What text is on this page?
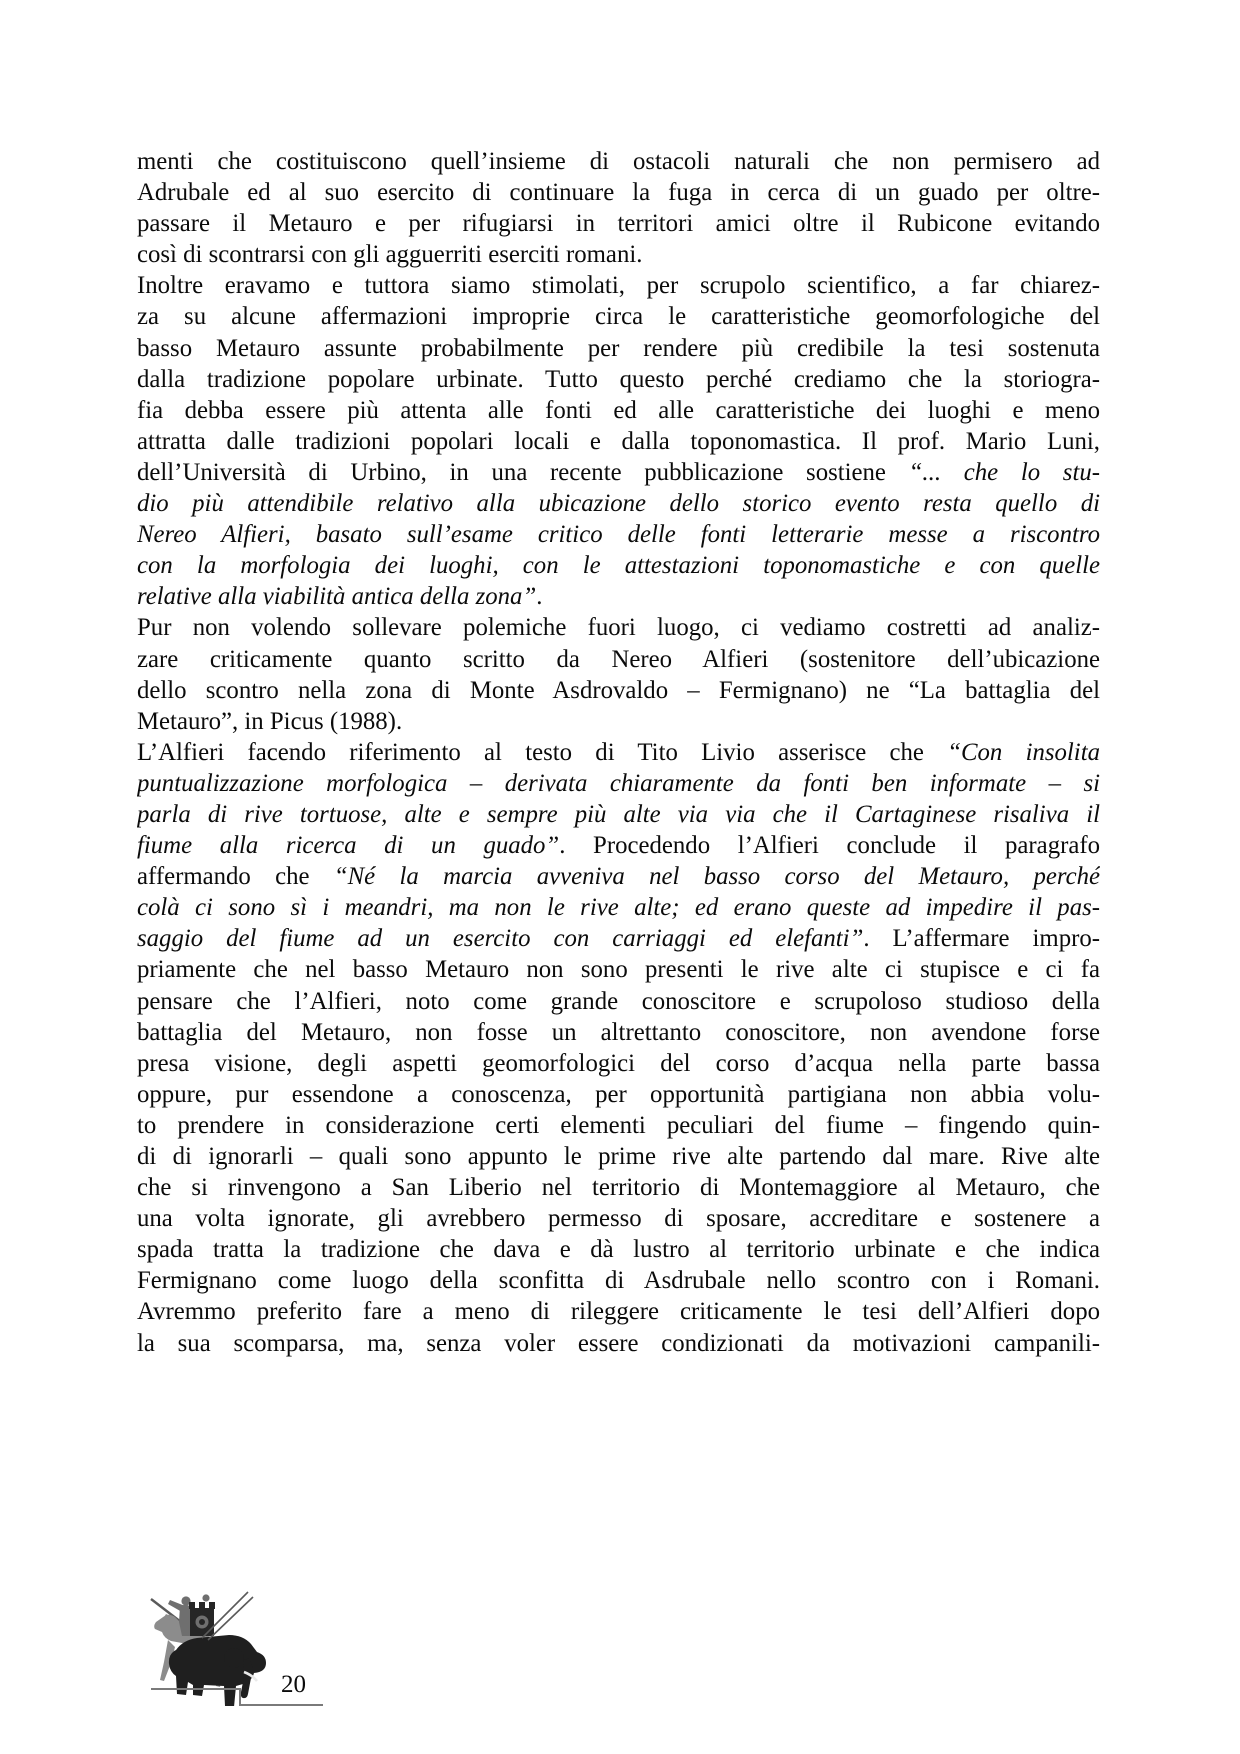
menti che costituiscono quell’insieme di ostacoli naturali che non permisero ad
Adrubale ed al suo esercito di continuare la fuga in cerca di un guado per oltre-
passare il Metauro e per rifugiarsi in territori amici oltre il Rubicone evitando
così di scontrarsi con gli agguerriti eserciti romani.
Inoltre eravamo e tuttora siamo stimolati, per scrupolo scientifico, a far chiarez-
za su alcune affermazioni improprie circa le caratteristiche geomorfologiche del
basso Metauro assunte probabilmente per rendere più credibile la tesi sostenuta
dalla tradizione popolare urbinate. Tutto questo perché crediamo che la storiogra-
fia debba essere più attenta alle fonti ed alle caratteristiche dei luoghi e meno
attratta dalle tradizioni popolari locali e dalla toponomastica. Il prof. Mario Luni,
dell’Università di Urbino, in una recente pubblicazione sostiene “... che lo stu-
dio più attendibile relativo alla ubicazione dello storico evento resta quello di
Nereo Alfieri, basato sull’esame critico delle fonti letterarie messe a riscontro
con la morfologia dei luoghi, con le attestazioni toponomastiche e con quelle
relative alla viabilità antica della zona”.
Pur non volendo sollevare polemiche fuori luogo, ci vediamo costretti ad analiz-
zare criticamente quanto scritto da Nereo Alfieri (sostenitore dell’ubicazione
dello scontro nella zona di Monte Asdrovaldo – Fermignano) ne “La battaglia del
Metauro”, in Picus (1988).
L’Alfieri facendo riferimento al testo di Tito Livio asserisce che “Con insolita
puntualizzazione morfologica – derivata chiaramente da fonti ben informate – si
parla di rive tortuose, alte e sempre più alte via via che il Cartaginese risaliva il
fiume alla ricerca di un guado”. Procedendo l’Alfieri conclude il paragrafo
affermando che “Né la marcia avveniva nel basso corso del Metauro, perché
colà ci sono sì i meandri, ma non le rive alte; ed erano queste ad impedire il pas-
saggio del fiume ad un esercito con carriaggi ed elefanti”. L’affermare impro-
priamente che nel basso Metauro non sono presenti le rive alte ci stupisce e ci fa
pensare che l’Alfieri, noto come grande conoscitore e scrupoloso studioso della
battaglia del Metauro, non fosse un altrettanto conoscitore, non avendone forse
presa visione, degli aspetti geomorfologici del corso d’acqua nella parte bassa
oppure, pur essendone a conoscenza, per opportunità partigiana non abbia volu-
to prendere in considerazione certi elementi peculiari del fiume – fingendo quin-
di di ignorarli – quali sono appunto le prime rive alte partendo dal mare. Rive alte
che si rinvengono a San Liberio nel territorio di Montemaggiore al Metauro, che
una volta ignorate, gli avrebbero permesso di sposare, accreditare e sostenere a
spada tratta la tradizione che dava e dà lustro al territorio urbinate e che indica
Fermignano come luogo della sconfitta di Asdrubale nello scontro con i Romani.
Avremmo preferito fare a meno di rileggere criticamente le tesi dell’Alfieri dopo
la sua scomparsa, ma, senza voler essere condizionati da motivazioni campanili-
20
